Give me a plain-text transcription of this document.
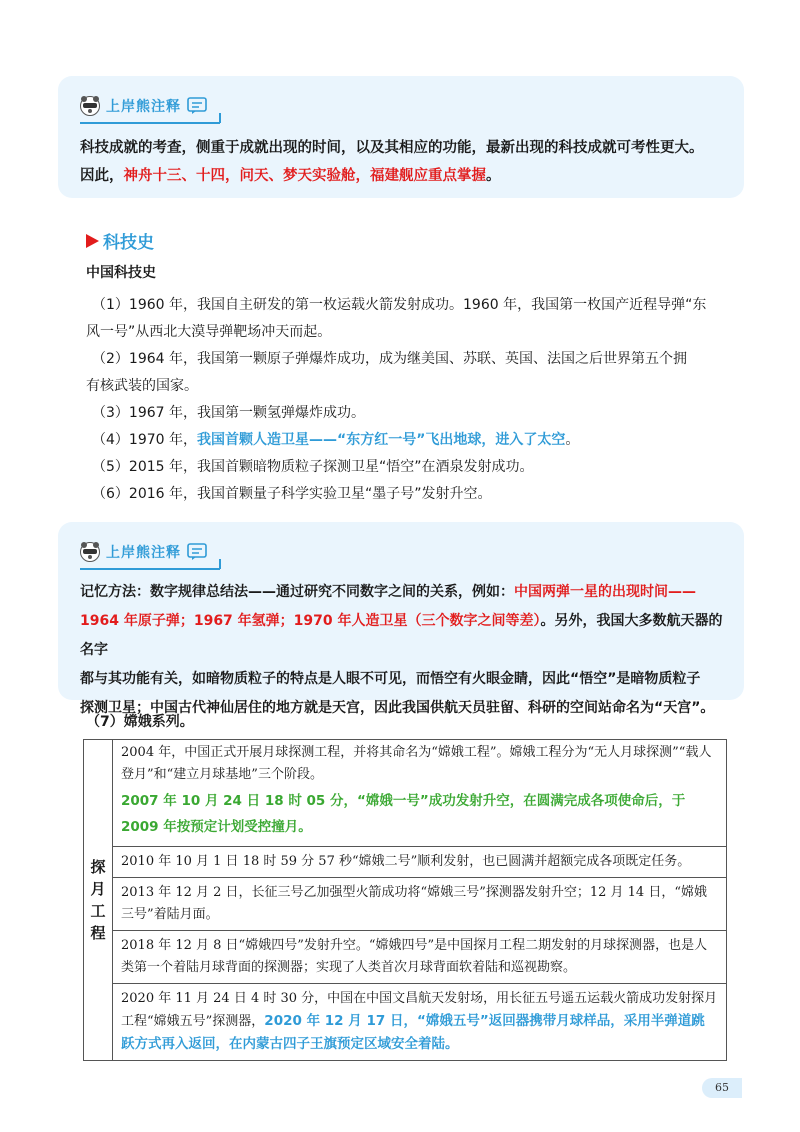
上岸熊注释
科技成就的考查，侧重于成就出现的时间，以及其相应的功能，最新出现的科技成就可考性更大。
因此，神舟十三、十四，问天、梦天实验舱，福建舰应重点掌握。
科技史
中国科技史

（1）1960 年，我国自主研发的第一枚运载火箭发射成功。1960 年，我国第一枚国产近程导弹“东

风一号”从西北大漠导弹靶场冲天而起。

（2）1964 年，我国第一颗原子弹爆炸成功，成为继美国、苏联、英国、法国之后世界第五个拥

有核武装的国家。

（3）1967 年，我国第一颗氢弹爆炸成功。

（4）1970 年，我国首颗人造卫星——“东方红一号”飞出地球，进入了太空。

（5）2015 年，我国首颗暗物质粒子探测卫星“悟空”在酒泉发射成功。

（6）2016 年，我国首颗量子科学实验卫星“墨子号”发射升空。

上岸熊注释
记忆方法：数字规律总结法——通过研究不同数字之间的关系，例如：中国两弹一星的出现时间——
1964 年原子弹；1967 年氢弹；1970 年人造卫星（三个数字之间等差）。另外，我国大多数航天器的名字
都与其功能有关，如暗物质粒子的特点是人眼不可见，而悟空有火眼金睛，因此“悟空”是暗物质粒子
探测卫星；中国古代神仙居住的地方就是天宫，因此我国供航天员驻留、科研的空间站命名为“天宫”。
（7）嫦娥系列。
探
月
工
程

2004 年，中国正式开展月球探测工程，并将其命名为“嫦娥工程”。嫦娥工程分为“无人月球探测”“载人登月”和“建立月球基地”三个阶段。
2007 年 10 月 24 日 18 时 05 分，“嫦娥一号”成功发射升空，在圆满完成各项使命后，于 2009 年按预定计划受控撞月。

2010 年 10 月 1 日 18 时 59 分 57 秒“嫦娥二号”顺利发射，也已圆满并超额完成各项既定任务。
2013 年 12 月 2 日，长征三号乙加强型火箭成功将“嫦娥三号”探测器发射升空；12 月 14 日，“嫦娥三号”着陆月面。
2018 年 12 月 8 日“嫦娥四号”发射升空。“嫦娥四号”是中国探月工程二期发射的月球探测器，也是人类第一个着陆月球背面的探测器；实现了人类首次月球背面软着陆和巡视勘察。
2020 年 11 月 24 日 4 时 30 分，中国在中国文昌航天发射场，用长征五号遥五运载火箭成功发射探月工程“嫦娥五号”探测器，2020 年 12 月 17 日，“嫦娥五号”返回器携带月球样品，采用半弹道跳跃方式再入返回，在内蒙古四子王旗预定区域安全着陆。
65
